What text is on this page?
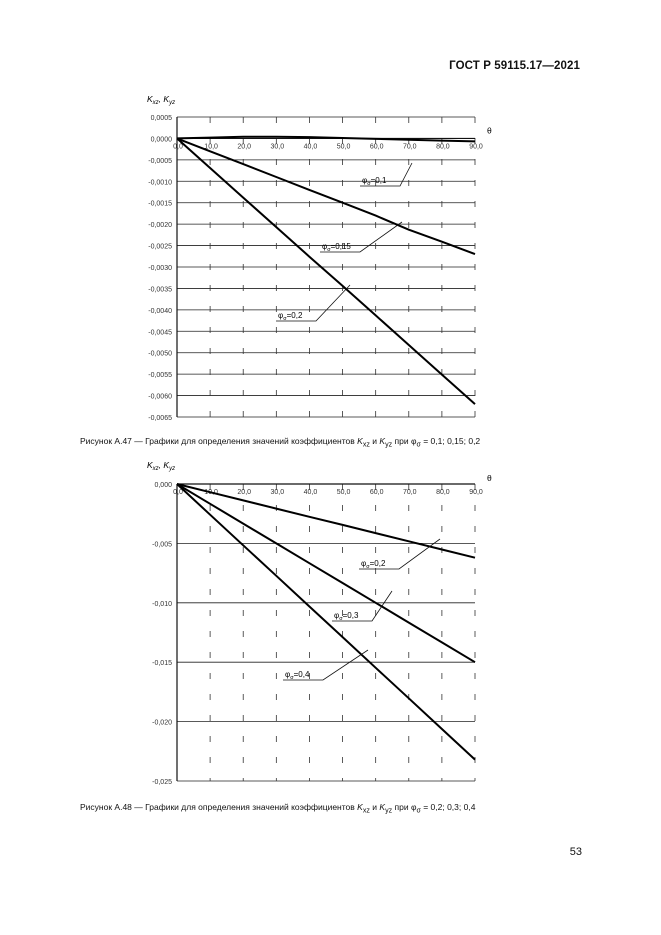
ГОСТ Р 59115.17—2021
$K_{xz}$, $K_{yz}$
0,0005
0,0000
-0,0005
-0,0010
-0,0015
-0,0020
-0,0025
-0,0030
-0,0035
-0,0040
-0,0045
-0,0050
-0,0055
-0,0060
-0,0065
0,0	10,0	20,0	30,0	40,0	50,0	60,0	70,0	80,0	90,0
θ
$\varphi_\sigma=0,1$
$\varphi_\sigma=0,15$
$\varphi_\sigma=0,2$
Рисунок А.47 — Графики для определения значений коэффициентов $K_{xz}$ и $K_{yz}$ при $\varphi_\sigma = 0,1$; 0,15; 0,2
$K_{xz}$, $K_{yz}$
0,000
-0,005
-0,010
-0,015
-0,020
-0,025
0,0	10,0	20,0	30,0	40,0	50,0	60,0	70,0	80,0	90,0
θ
$\varphi_\sigma=0,2$
$\varphi_\sigma=0,3$
$\varphi_\sigma=0,4$
Рисунок А.48 — Графики для определения значений коэффициентов $K_{xz}$ и $K_{yz}$ при $\varphi_\sigma = 0,2$; 0,3; 0,4
53
